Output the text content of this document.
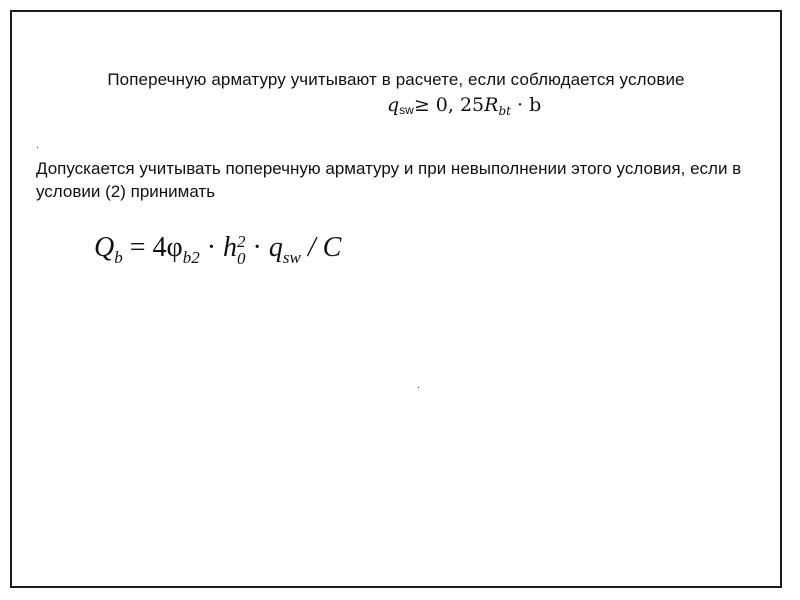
Поперечную арматуру учитывают в расчете, если соблюдается условие
$q_{sw}\ge 0$, $25R_{bt} \cdot b$
.
Допускается учитывать поперечную арматуру и при невыполнении этого условия, если в условии (2) принимать
$Q_b = 4\varphi_{b2} \cdot h$ 2
$0 \cdot q_{sw} / C$
.
